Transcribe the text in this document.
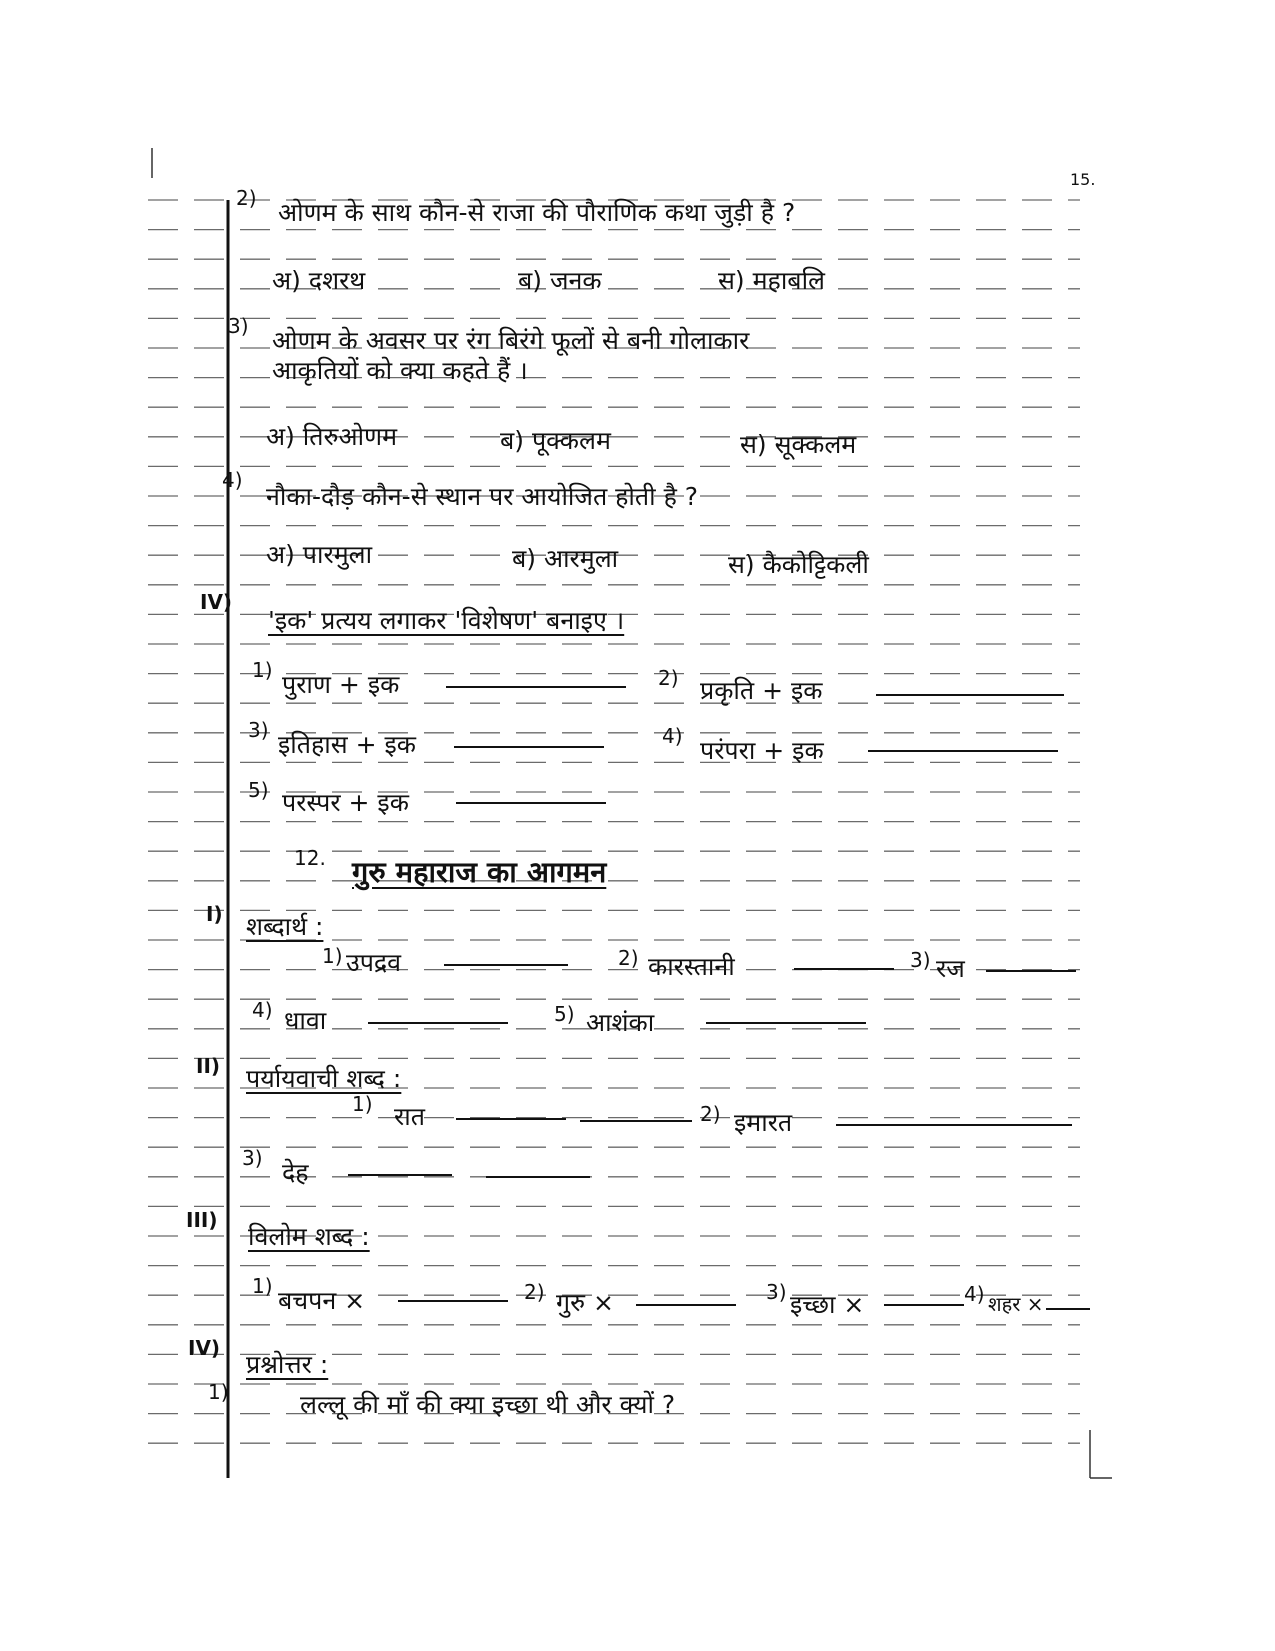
15.
2) ओणम के साथ कौन-से राजा की पौराणिक कथा जुड़ी है ?
अ) दशरथ	ब) जनक	स) महाबलि
3) ओणम के अवसर पर रंग बिरंगे फूलों से बनी गोलाकार
आकृतियों को क्या कहते हैं ।
अ) तिरुओणम	ब) पूक्कलम	स) सूक्कलम
4)
नौका-दौड़ कौन-से स्थान पर आयोजित होती है ?
अ) पारमुला	ब) आरमुला	स) कैकोट्टिकली
IV)
'इक' प्रत्यय लगाकर 'विशेषण' बनाइए ।
1) पुराण + इक	2) प्रकृति + इक
3) इतिहास + इक	4) परंपरा + इक
5) परस्पर + इक
12. गुरु महाराज का आगमन
I) शब्दार्थ :
1) उपद्रव	2) कारस्तानी	3) रज
4) धावा	5) आशंका
II) पर्यायवाची शब्द :
1) रात	2) इमारत
3) देह
III)
विलोम शब्द :
1) बचपन ×	2) गुरु ×	3) इच्छा ×	4) शहर ×
IV)
प्रश्नोत्तर :
1)	लल्लू की माँ की क्या इच्छा थी और क्यों ?
